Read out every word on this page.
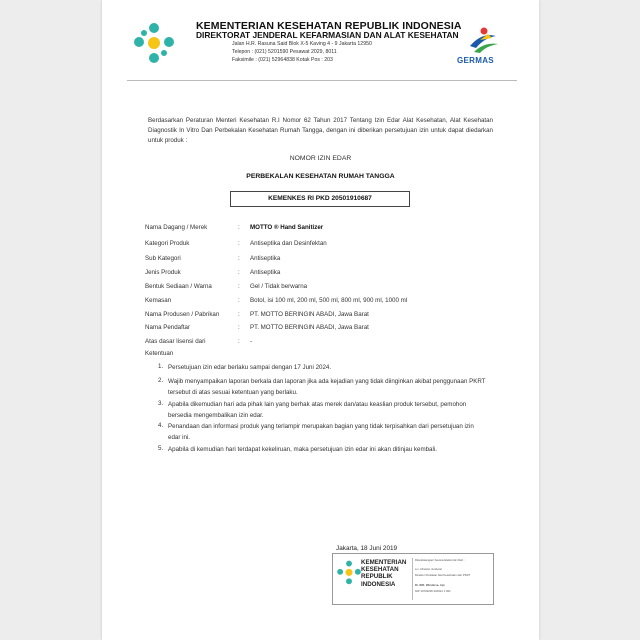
KEMENTERIAN KESEHATAN REPUBLIK INDONESIA
DIREKTORAT JENDERAL KEFARMASIAN DAN ALAT KESEHATAN
Jalan H.R. Rasuna Said Blok X-5 Kaving 4 - 9 Jakarta 12950
Telepon : (021) 5201590 Pesawat 2029, 8011
Faksimile : (021) 52964838 Kotak Pos : 203	GERMAS
Berdasarkan Peraturan Menteri Kesehatan R.I Nomor 62 Tahun 2017 Tentang Izin Edar Alat Kesehatan, Alat Kesehatan Diagnostik In Vitro Dan Perbekalan Kesehatan Rumah Tangga, dengan ini diberikan persetujuan izin untuk dapat diedarkan untuk produk :
NOMOR IZIN EDAR
PERBEKALAN KESEHATAN RUMAH TANGGA
KEMENKES RI PKD 20501910687
Nama Dagang / Merek	: MOTTO ® Hand Sanitizer
Kategori Produk	: Antiseptika dan Desinfektan
Sub Kategori	: Antiseptika
Jenis Produk	: Antiseptika
Bentuk Sediaan / Warna	: Gel / Tidak berwarna
Kemasan	: Botol, isi 100 ml, 200 ml, 500 ml, 800 ml, 900 ml, 1000 ml
Nama Produsen / Pabrikan	: PT. MOTTO BERINGIN ABADI, Jawa Barat
Nama Pendaftar	: PT. MOTTO BERINGIN ABADI, Jawa Barat
Atas dasar lisensi dari	: -
Ketentuan
1. Persetujuan izin edar berlaku sampai dengan 17 Juni 2024.
2. Wajib menyampaikan laporan berkala dan laporan jika ada kejadian yang tidak diinginkan akibat penggunaan PKRT tersebut di atas sesuai ketentuan yang berlaku.
3. Apabila dikemudian hari ada pihak lain yang berhak atas merek dan/atau keaslian produk tersebut, pemohon bersedia mengembalikan izin edar.
4. Penandaan dan informasi produk yang terlampir merupakan bagian yang tidak terpisahkan dari persetujuan izin edar ini.
5. Apabila di kemudian hari terdapat kekeliruan, maka persetujuan izin edar ini akan ditinjau kembali.
Jakarta, 18 Juni 2019
KEMENTERIAN
KESEHATAN
REPUBLIK
INDONESIA
Ditandatangani Secara Elektronik Oleh :
a.n. Direktur Jenderal
Direktur Penilaian Alat Kesehatan dan PKRT
Dr. IDR. Windarsa, Apt
NIP 19702206 200312 1 001
